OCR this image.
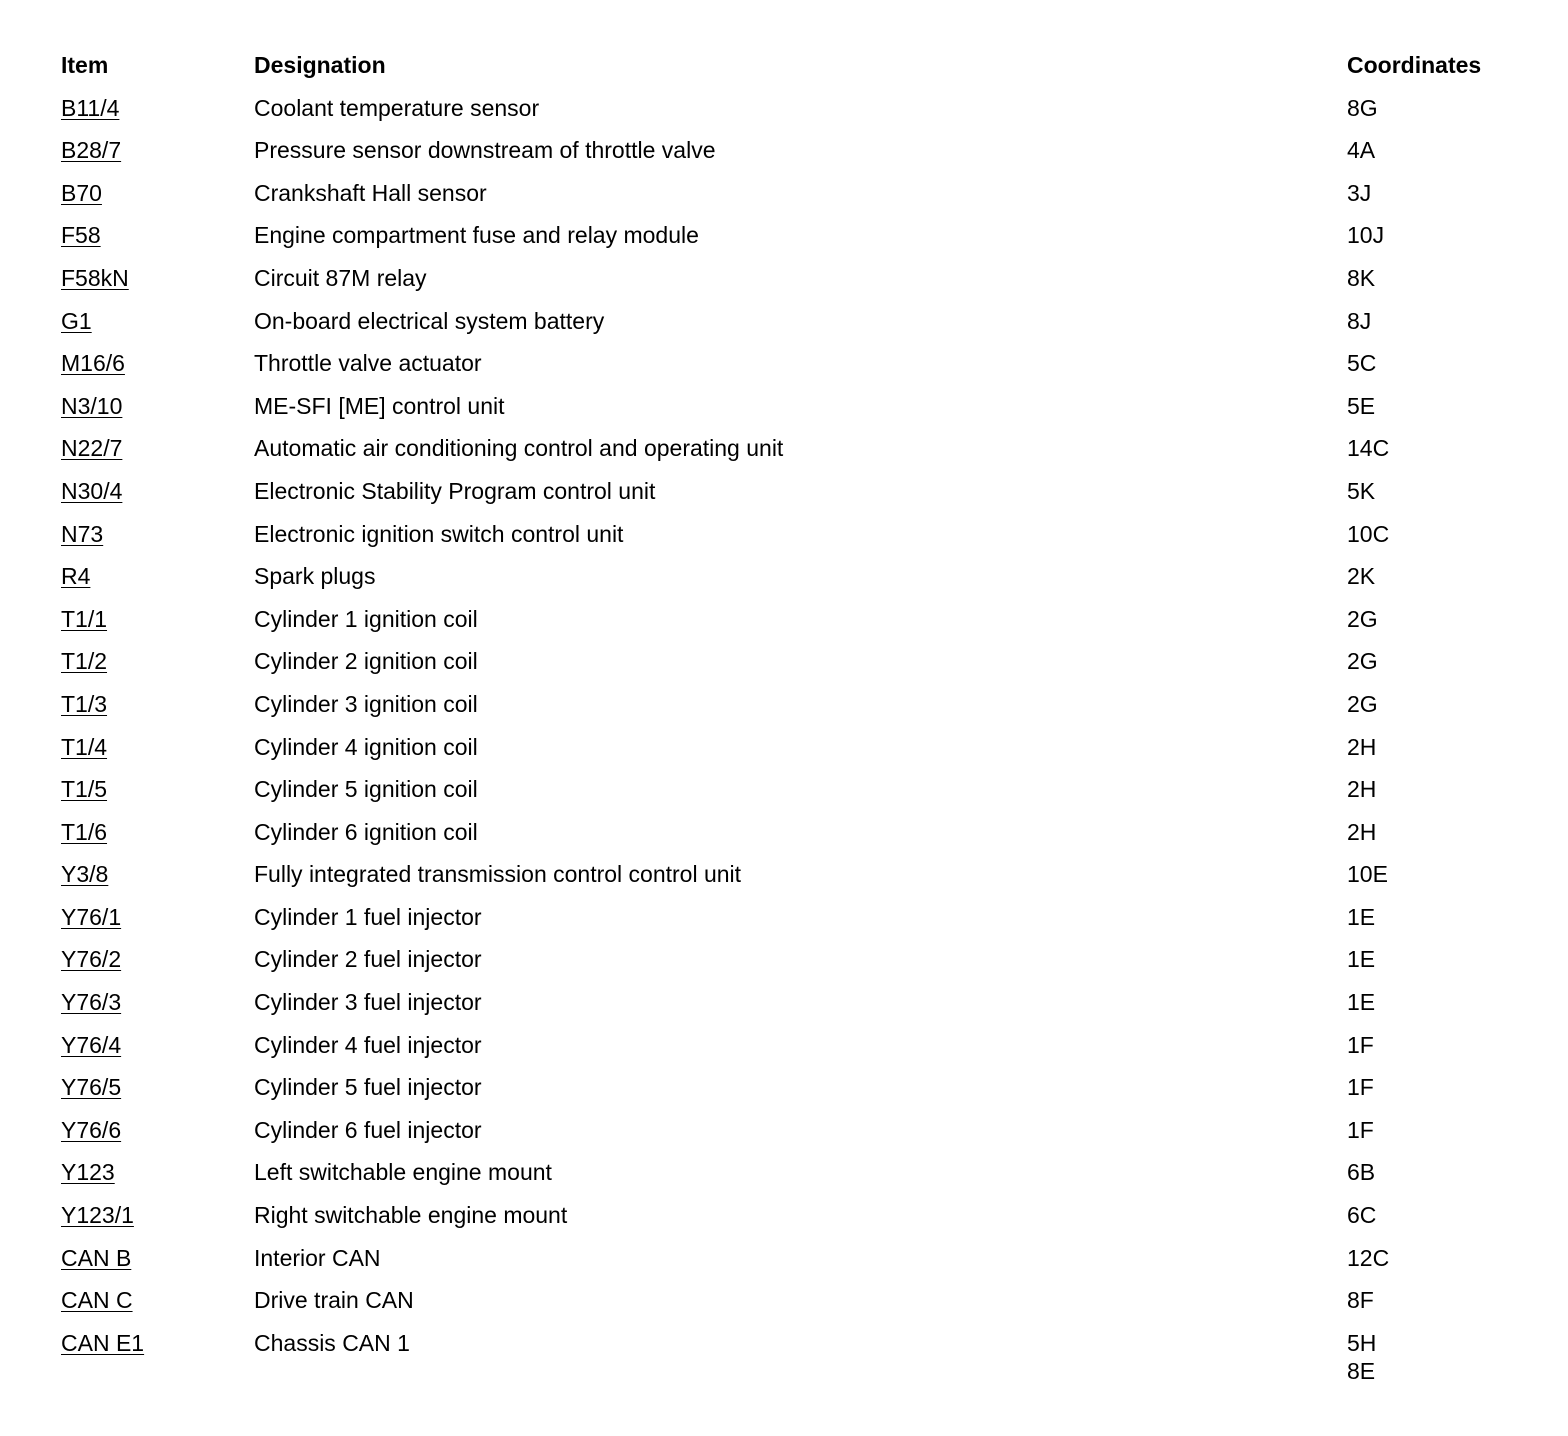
Item	Designation	Coordinates
B11/4	Coolant temperature sensor	8G
B28/7	Pressure sensor downstream of throttle valve	4A
B70	Crankshaft Hall sensor	3J
F58	Engine compartment fuse and relay module	10J
F58kN	Circuit 87M relay	8K
G1	On-board electrical system battery	8J
M16/6	Throttle valve actuator	5C
N3/10	ME-SFI [ME] control unit	5E
N22/7	Automatic air conditioning control and operating unit	14C
N30/4	Electronic Stability Program control unit	5K
N73	Electronic ignition switch control unit	10C
R4	Spark plugs	2K
T1/1	Cylinder 1 ignition coil	2G
T1/2	Cylinder 2 ignition coil	2G
T1/3	Cylinder 3 ignition coil	2G
T1/4	Cylinder 4 ignition coil	2H
T1/5	Cylinder 5 ignition coil	2H
T1/6	Cylinder 6 ignition coil	2H
Y3/8	Fully integrated transmission control control unit	10E
Y76/1	Cylinder 1 fuel injector	1E
Y76/2	Cylinder 2 fuel injector	1E
Y76/3	Cylinder 3 fuel injector	1E
Y76/4	Cylinder 4 fuel injector	1F
Y76/5	Cylinder 5 fuel injector	1F
Y76/6	Cylinder 6 fuel injector	1F
Y123	Left switchable engine mount	6B
Y123/1	Right switchable engine mount	6C
CAN B	Interior CAN	12C
CAN C	Drive train CAN	8F
CAN E1	Chassis CAN 1	5H
8E
